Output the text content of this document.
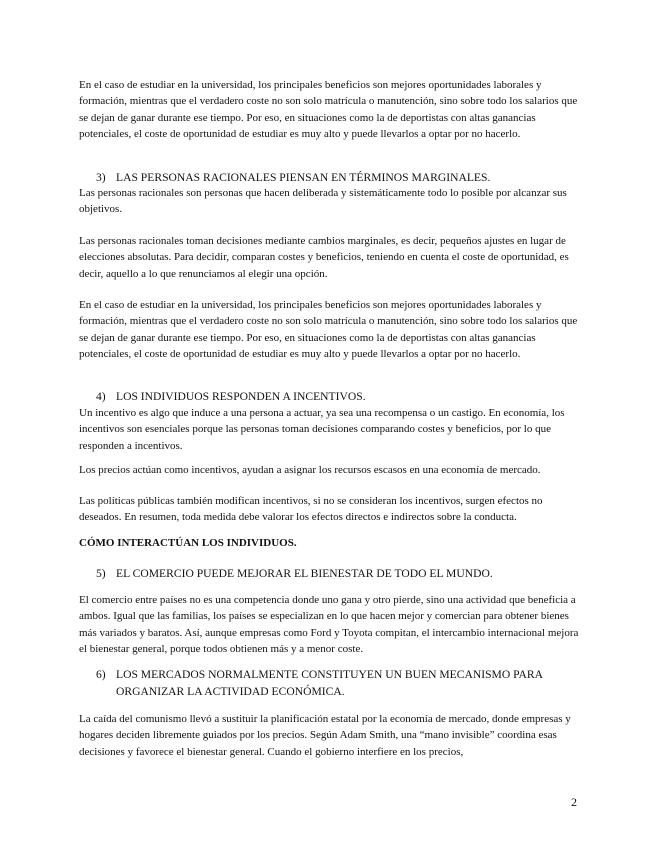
En el caso de estudiar en la universidad, los principales beneficios son mejores oportunidades laborales y formación, mientras que el verdadero coste no son solo matrícula o manutención, sino sobre todo los salarios que se dejan de ganar durante ese tiempo. Por eso, en situaciones como la de deportistas con altas ganancias potenciales, el coste de oportunidad de estudiar es muy alto y puede llevarlos a optar por no hacerlo.

3) LAS PERSONAS RACIONALES PIENSAN EN TÉRMINOS MARGINALES.

Las personas racionales son personas que hacen deliberada y sistemáticamente todo lo posible por alcanzar sus objetivos.

Las personas racionales toman decisiones mediante cambios marginales, es decir, pequeños ajustes en lugar de elecciones absolutas. Para decidir, comparan costes y beneficios, teniendo en cuenta el coste de oportunidad, es decir, aquello a lo que renunciamos al elegir una opción.

En el caso de estudiar en la universidad, los principales beneficios son mejores oportunidades laborales y formación, mientras que el verdadero coste no son solo matrícula o manutención, sino sobre todo los salarios que se dejan de ganar durante ese tiempo. Por eso, en situaciones como la de deportistas con altas ganancias potenciales, el coste de oportunidad de estudiar es muy alto y puede llevarlos a optar por no hacerlo.

4) LOS INDIVIDUOS RESPONDEN A INCENTIVOS.

Un incentivo es algo que induce a una persona a actuar, ya sea una recompensa o un castigo. En economía, los incentivos son esenciales porque las personas toman decisiones comparando costes y beneficios, por lo que responden a incentivos.

Los precios actúan como incentivos, ayudan a asignar los recursos escasos en una economía de mercado.

Las políticas públicas también modifican incentivos, si no se consideran los incentivos, surgen efectos no deseados. En resumen, toda medida debe valorar los efectos directos e indirectos sobre la conducta.

CÓMO INTERACTÚAN LOS INDIVIDUOS.

5) EL COMERCIO PUEDE MEJORAR EL BIENESTAR DE TODO EL MUNDO.

El comercio entre países no es una competencia donde uno gana y otro pierde, sino una actividad que beneficia a ambos. Igual que las familias, los países se especializan en lo que hacen mejor y comercian para obtener bienes más variados y baratos. Así, aunque empresas como Ford y Toyota compitan, el intercambio internacional mejora el bienestar general, porque todos obtienen más y a menor coste.

6) LOS MERCADOS NORMALMENTE CONSTITUYEN UN BUEN MECANISMO PARA
ORGANIZAR LA ACTIVIDAD ECONÓMICA.

La caída del comunismo llevó a sustituir la planificación estatal por la economía de mercado, donde empresas y hogares deciden libremente guiados por los precios. Según Adam Smith, una “mano invisible” coordina esas decisiones y favorece el bienestar general. Cuando el gobierno interfiere en los precios,

2
